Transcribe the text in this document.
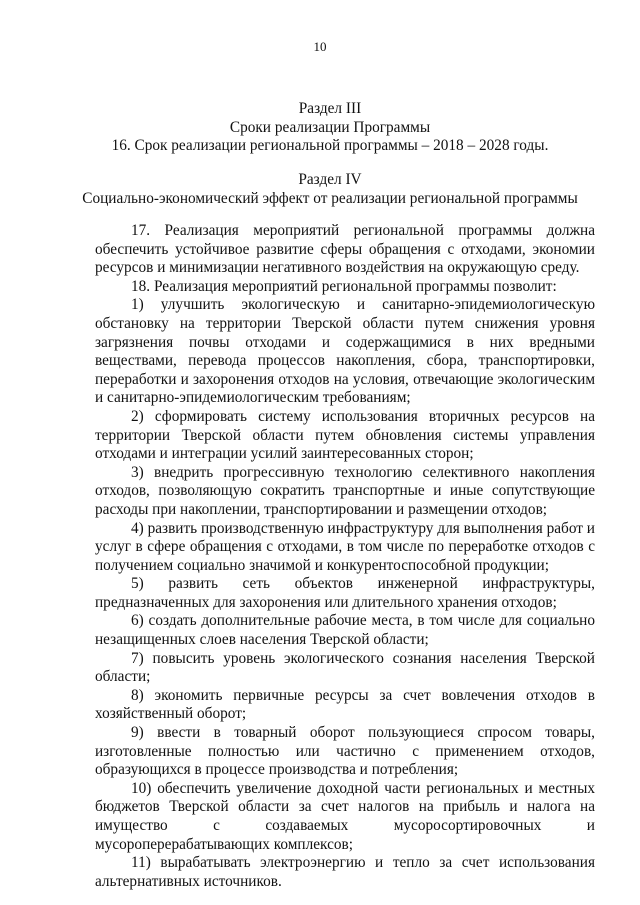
10
Раздел III
Сроки реализации Программы
16. Срок реализации региональной программы – 2018 – 2028 годы.
Раздел IV
Социально-экономический эффект от реализации региональной программы

17. Реализация мероприятий региональной программы должна обеспечить устойчивое развитие сферы обращения с отходами, экономии ресурсов и минимизации негативного воздействия на окружающую среду.

18. Реализация мероприятий региональной программы позволит:

1) улучшить экологическую и санитарно-эпидемиологическую обстановку на территории Тверской области путем снижения уровня загрязнения почвы отходами и содержащимися в них вредными веществами, перевода процессов накопления, сбора, транспортировки, переработки и захоронения отходов на условия, отвечающие экологическим и санитарно-эпидемиологическим требованиям;

2) сформировать систему использования вторичных ресурсов на территории Тверской области путем обновления системы управления отходами и интеграции усилий заинтересованных сторон;

3) внедрить прогрессивную технологию селективного накопления отходов, позволяющую сократить транспортные и иные сопутствующие расходы при накоплении, транспортировании и размещении отходов;

4) развить производственную инфраструктуру для выполнения работ и услуг в сфере обращения с отходами, в том числе по переработке отходов с получением социально значимой и конкурентоспособной продукции;

5) развить сеть объектов инженерной инфраструктуры, предназначенных для захоронения или длительного хранения отходов;

6) создать дополнительные рабочие места, в том числе для социально незащищенных слоев населения Тверской области;

7) повысить уровень экологического сознания населения Тверской области;

8) экономить первичные ресурсы за счет вовлечения отходов в хозяйственный оборот;

9) ввести в товарный оборот пользующиеся спросом товары, изготовленные полностью или частично с применением отходов, образующихся в процессе производства и потребления;

10) обеспечить увеличение доходной части региональных и местных бюджетов Тверской области за счет налогов на прибыль и налога на имущество с создаваемых мусоросортировочных и мусороперерабатывающих комплексов;

11) вырабатывать электроэнергию и тепло за счет использования альтернативных источников.
